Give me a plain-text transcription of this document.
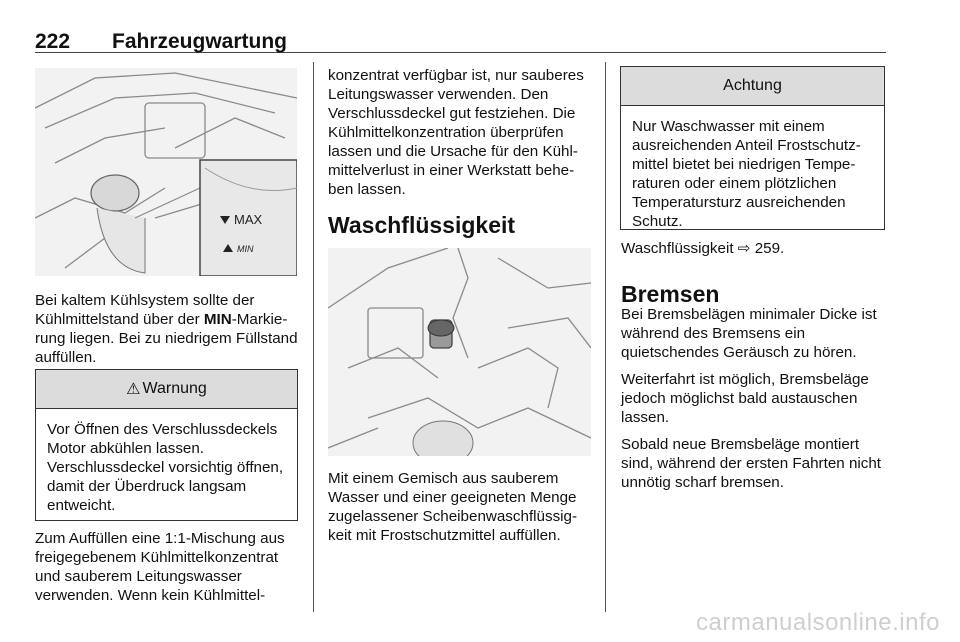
222 Fahrzeugwartung
MAX
MIN

Bei kaltem Kühlsystem sollte der Kühlmittelstand über der MIN-Markierung liegen. Bei zu niedrigem Füllstand auffüllen.

⚠ Warnung
Vor Öffnen des Verschlussdeckels Motor abkühlen lassen. Verschlussdeckel vorsichtig öffnen, damit der Überdruck langsam entweicht.

Zum Auffüllen eine 1:1-Mischung aus freigegebenem Kühlmittelkonzentrat und sauberem Leitungswasser verwenden. Wenn kein Kühlmittel-

konzentrat verfügbar ist, nur sauberes Leitungswasser verwenden. Den Verschlussdeckel gut festziehen. Die Kühlmittelkonzentration überprüfen lassen und die Ursache für den Kühlmittelverlust in einer Werkstatt beheben lassen.

Waschflüssigkeit

Mit einem Gemisch aus sauberem Wasser und einer geeigneten Menge zugelassener Scheibenwaschflüssigkeit mit Frostschutzmittel auffüllen.

Achtung
Nur Waschwasser mit einem ausreichenden Anteil Frostschutzmittel bietet bei niedrigen Temperaturen oder einem plötzlichen Temperatursturz ausreichenden Schutz.

Waschflüssigkeit ⇨ 259.

Bremsen

Bei Bremsbelägen minimaler Dicke ist während des Bremsens ein quietschendes Geräusch zu hören.

Weiterfahrt ist möglich, Bremsbeläge jedoch möglichst bald austauschen lassen.

Sobald neue Bremsbeläge montiert sind, während der ersten Fahrten nicht unnötig scharf bremsen.

carmanualsonline.info
